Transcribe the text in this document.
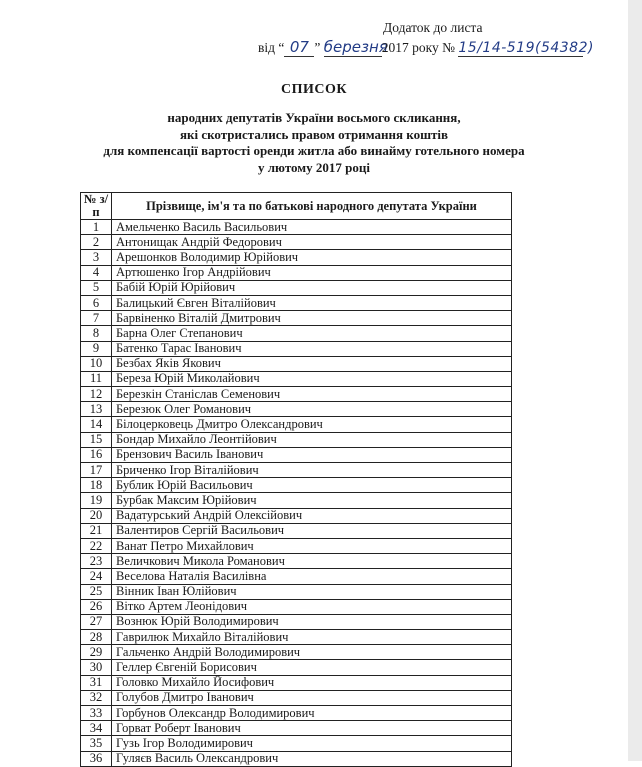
Додаток до листа
від “ 07 ” березня2017 року № 15/14-519(54382)
СПИСОК
народних депутатів України восьмого скликання,
які скотристались правом отримання коштів
для компенсації вартості оренди житла або винайму готельного номера
у лютому 2017 році
№ з/п	Прізвище, ім'я та по батькові народного депутата України
1	Амельченко Василь Васильович
2	Антонищак Андрій Федорович
3	Арешонков Володимир Юрійович
4	Артюшенко Ігор Андрійович
5	Бабій Юрій Юрійович
6	Балицький Євген Віталійович
7	Барвіненко Віталій Дмитрович
8	Барна Олег Степанович
9	Батенко Тарас Іванович
10	Безбах Яків Якович
11	Береза Юрій Миколайович
12	Березкін Станіслав Семенович
13	Березюк Олег Романович
14	Білоцерковець Дмитро Олександрович
15	Бондар Михайло Леонтійович
16	Брензович Василь Іванович
17	Бриченко Ігор Віталійович
18	Бублик Юрій Васильович
19	Бурбак Максим Юрійович
20	Вадатурський Андрій Олексійович
21	Валентиров Сергій Васильович
22	Ванат Петро Михайлович
23	Величкович Микола Романович
24	Веселова Наталія Василівна
25	Вінник Іван Юлійович
26	Вітко Артем Леонідович
27	Вознюк Юрій Володимирович
28	Гаврилюк Михайло Віталійович
29	Гальченко Андрій Володимирович
30	Геллер Євгеній Борисович
31	Головко Михайло Йосифович
32	Голубов Дмитро Іванович
33	Горбунов Олександр Володимирович
34	Горват Роберт Іванович
35	Гузь Ігор Володимирович
36	Гуляєв Василь Олександрович
